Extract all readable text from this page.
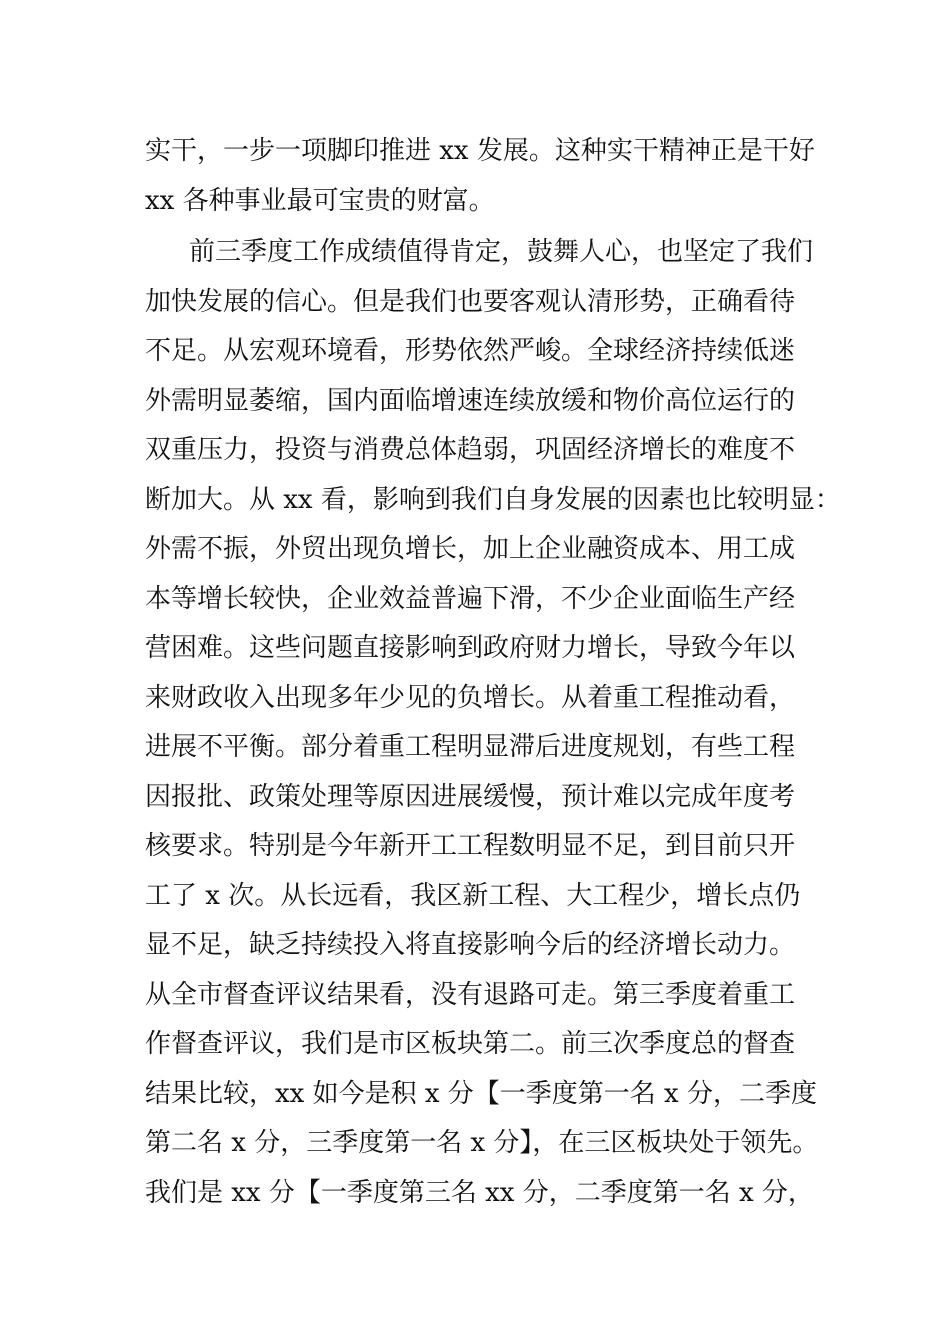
实干，一步一项脚印推进 xx 发展。这种实干精神正是干好
xx 各种事业最可宝贵的财富。
前三季度工作成绩值得肯定，鼓舞人心，也坚定了我们
加快发展的信心。但是我们也要客观认清形势，正确看待
不足。从宏观环境看，形势依然严峻。全球经济持续低迷
外需明显萎缩，国内面临增速连续放缓和物价高位运行的
双重压力，投资与消费总体趋弱，巩固经济增长的难度不
断加大。从 xx 看，影响到我们自身发展的因素也比较明显：
外需不振，外贸出现负增长，加上企业融资成本、用工成
本等增长较快，企业效益普遍下滑，不少企业面临生产经
营困难。这些问题直接影响到政府财力增长，导致今年以
来财政收入出现多年少见的负增长。从着重工程推动看，
进展不平衡。部分着重工程明显滞后进度规划，有些工程
因报批、政策处理等原因进展缓慢，预计难以完成年度考
核要求。特别是今年新开工工程数明显不足，到目前只开
工了 x 次。从长远看，我区新工程、大工程少，增长点仍
显不足，缺乏持续投入将直接影响今后的经济增长动力。
从全市督查评议结果看，没有退路可走。第三季度着重工
作督查评议，我们是市区板块第二。前三次季度总的督查
结果比较，xx 如今是积 x 分【一季度第一名 x 分，二季度
第二名 x 分，三季度第一名 x 分】，在三区板块处于领先。
我们是 xx 分【一季度第三名 xx 分，二季度第一名 x 分，
